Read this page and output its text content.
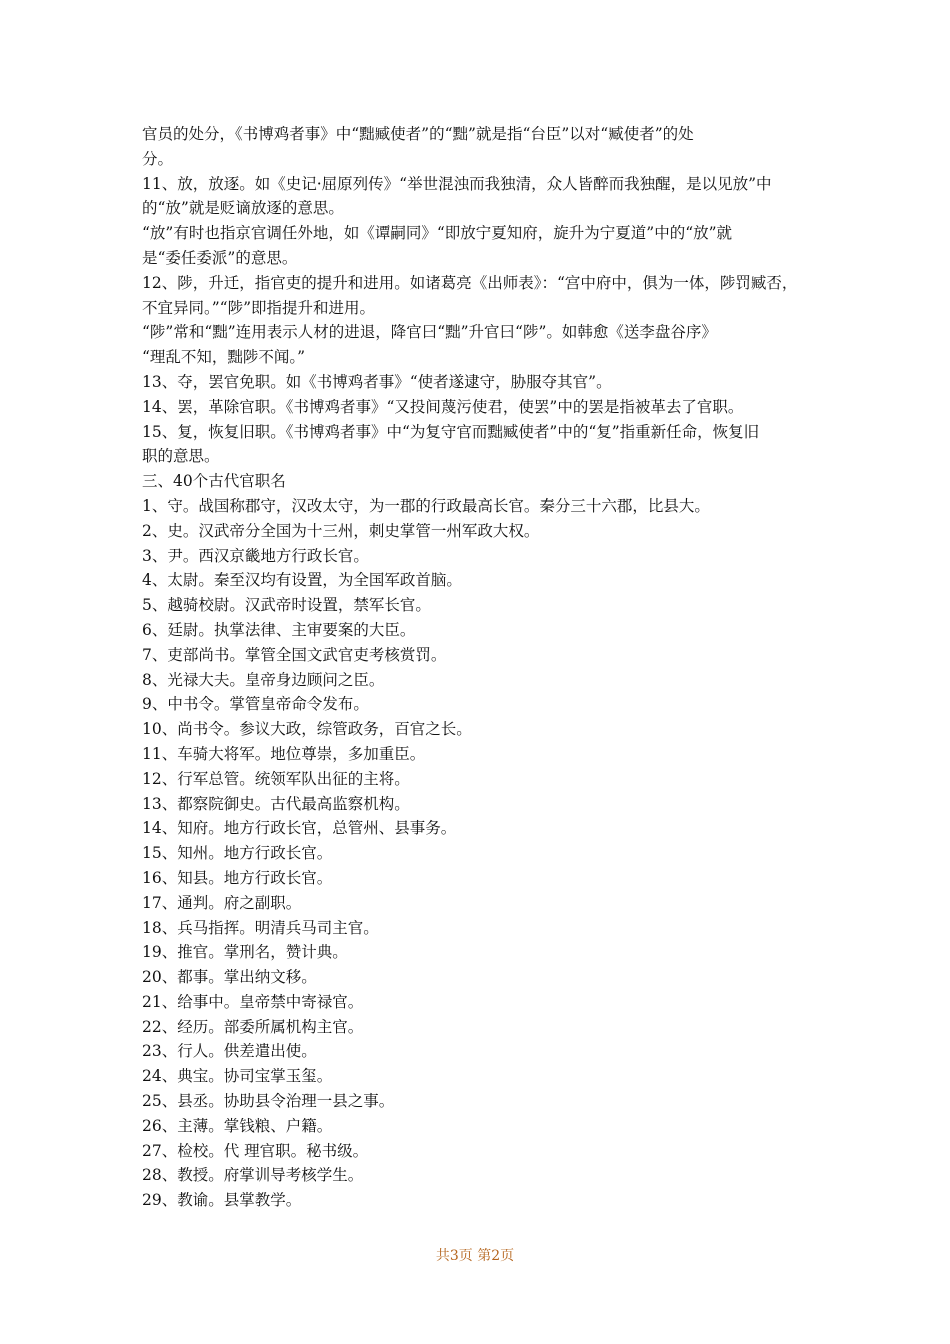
官员的处分，《书博鸡者事》中“黜臧使者”的“黜”就是指“台臣”以对“臧使者”的处
分。
11、放，放逐。如《史记·屈原列传》“举世混浊而我独清，众人皆醉而我独醒，是以见放”中
的“放”就是贬谪放逐的意思。
“放”有时也指京官调任外地，如《谭嗣同》“即放宁夏知府，旋升为宁夏道”中的“放”就
是“委任委派”的意思。
12、陟，升迁，指官吏的提升和进用。如诸葛亮《出师表》：“宫中府中，俱为一体，陟罚臧否，
不宜异同。”“陟”即指提升和进用。
“陟”常和“黜”连用表示人材的进退，降官曰“黜”升官曰“陟”。如韩愈《送李盘谷序》
“理乱不知，黜陟不闻。”
13、夺，罢官免职。如《书博鸡者事》“使者遂逮守，胁服夺其官”。
14、罢，革除官职。《书博鸡者事》“又投间蔑污使君，使罢”中的罢是指被革去了官职。
15、复，恢复旧职。《书博鸡者事》中“为复守官而黜臧使者”中的“复”指重新任命，恢复旧
职的意思。
三、40个古代官职名
1、守。战国称郡守，汉改太守，为一郡的行政最高长官。秦分三十六郡，比县大。
2、史。汉武帝分全国为十三州，刺史掌管一州军政大权。
3、尹。西汉京畿地方行政长官。
4、太尉。秦至汉均有设置，为全国军政首脑。
5、越骑校尉。汉武帝时设置，禁军长官。
6、廷尉。执掌法律、主审要案的大臣。
7、吏部尚书。掌管全国文武官吏考核赏罚。
8、光禄大夫。皇帝身边顾问之臣。
9、中书令。掌管皇帝命令发布。
10、尚书令。参议大政，综管政务，百官之长。
11、车骑大将军。地位尊崇，多加重臣。
12、行军总管。统领军队出征的主将。
13、都察院御史。古代最高监察机构。
14、知府。地方行政长官，总管州、县事务。
15、知州。地方行政长官。
16、知县。地方行政长官。
17、通判。府之副职。
18、兵马指挥。明清兵马司主官。
19、推官。掌刑名，赞计典。
20、都事。掌出纳文移。
21、给事中。皇帝禁中寄禄官。
22、经历。部委所属机构主官。
23、行人。供差遣出使。
24、典宝。协司宝掌玉玺。
25、县丞。协助县令治理一县之事。
26、主薄。掌钱粮、户籍。
27、检校。代 理官职。秘书级。
28、教授。府掌训导考核学生。
29、教谕。县掌教学。
共3页 第2页
